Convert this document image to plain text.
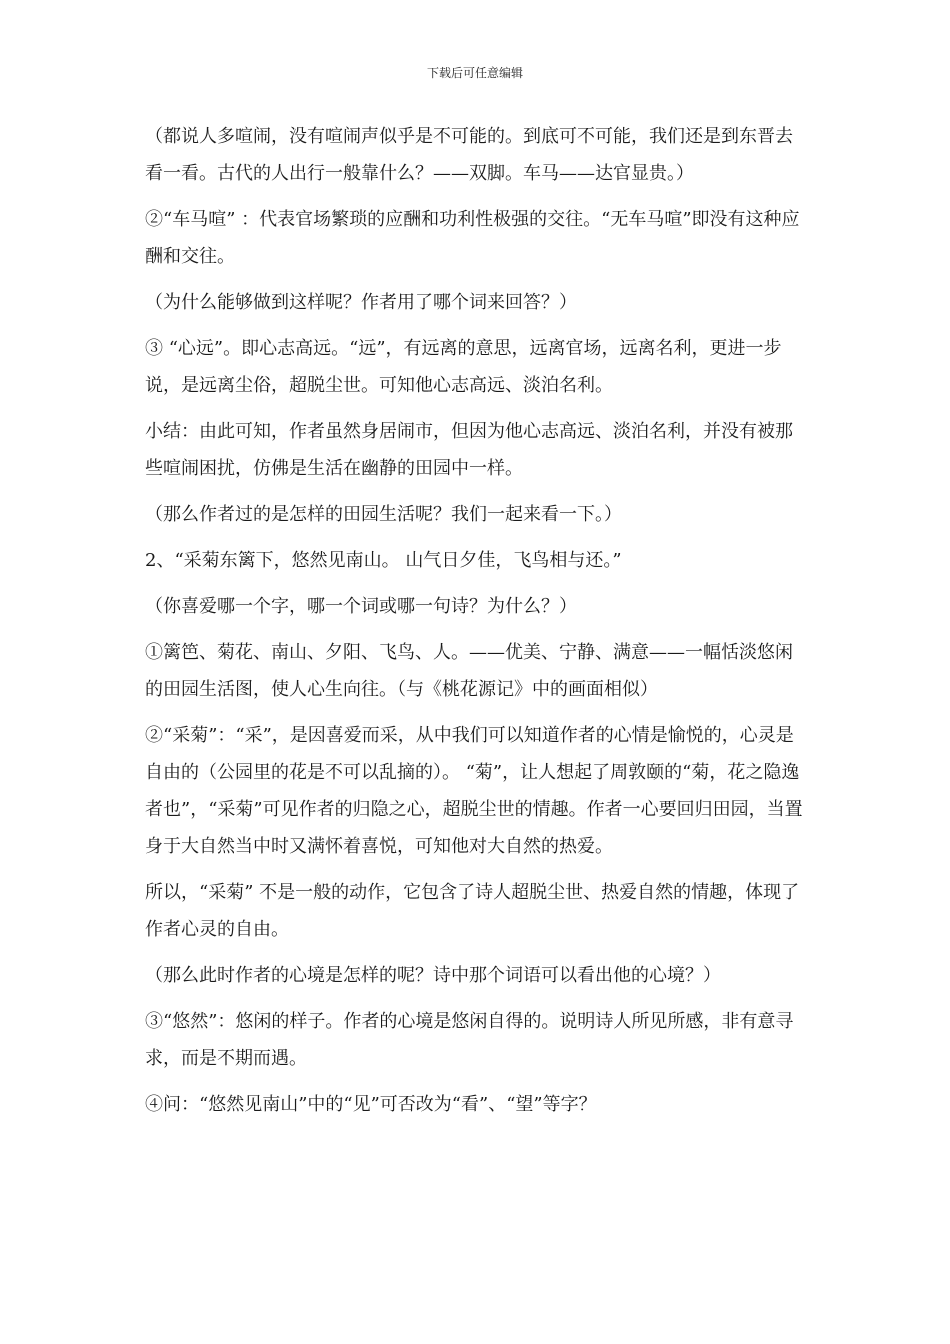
下载后可任意编辑

（都说人多喧闹，没有喧闹声似乎是不可能的。到底可不可能，我们还是到东晋去看一看。古代的人出行一般靠什么？——双脚。车马——达官显贵。）

②“车马喧” ：代表官场繁琐的应酬和功利性极强的交往。“无车马喧”即没有这种应酬和交往。

（为什么能够做到这样呢？作者用了哪个词来回答？）

③ “心远”。即心志高远。“远”，有远离的意思，远离官场，远离名利，更进一步说，是远离尘俗，超脱尘世。可知他心志高远、淡泊名利。

小结：由此可知，作者虽然身居闹市，但因为他心志高远、淡泊名利，并没有被那些喧闹困扰，仿佛是生活在幽静的田园中一样。

（那么作者过的是怎样的田园生活呢？我们一起来看一下。）

2、“采菊东篱下，悠然见南山。 山气日夕佳，飞鸟相与还。”

（你喜爱哪一个字，哪一个词或哪一句诗？为什么？）

①篱笆、菊花、南山、夕阳、飞鸟、人。——优美、宁静、满意——一幅恬淡悠闲的田园生活图，使人心生向往。（与《桃花源记》中的画面相似）

②“采菊”：“采”，是因喜爱而采，从中我们可以知道作者的心情是愉悦的，心灵是自由的（公园里的花是不可以乱摘的）。 “菊”，让人想起了周敦颐的“菊，花之隐逸者也”，“采菊”可见作者的归隐之心，超脱尘世的情趣。作者一心要回归田园，当置身于大自然当中时又满怀着喜悦，可知他对大自然的热爱。

所以，“采菊” 不是一般的动作，它包含了诗人超脱尘世、热爱自然的情趣，体现了作者心灵的自由。

（那么此时作者的心境是怎样的呢？诗中那个词语可以看出他的心境？）

③“悠然”：悠闲的样子。作者的心境是悠闲自得的。说明诗人所见所感，非有意寻求，而是不期而遇。

④问：“悠然见南山”中的“见”可否改为“看”、“望”等字？
